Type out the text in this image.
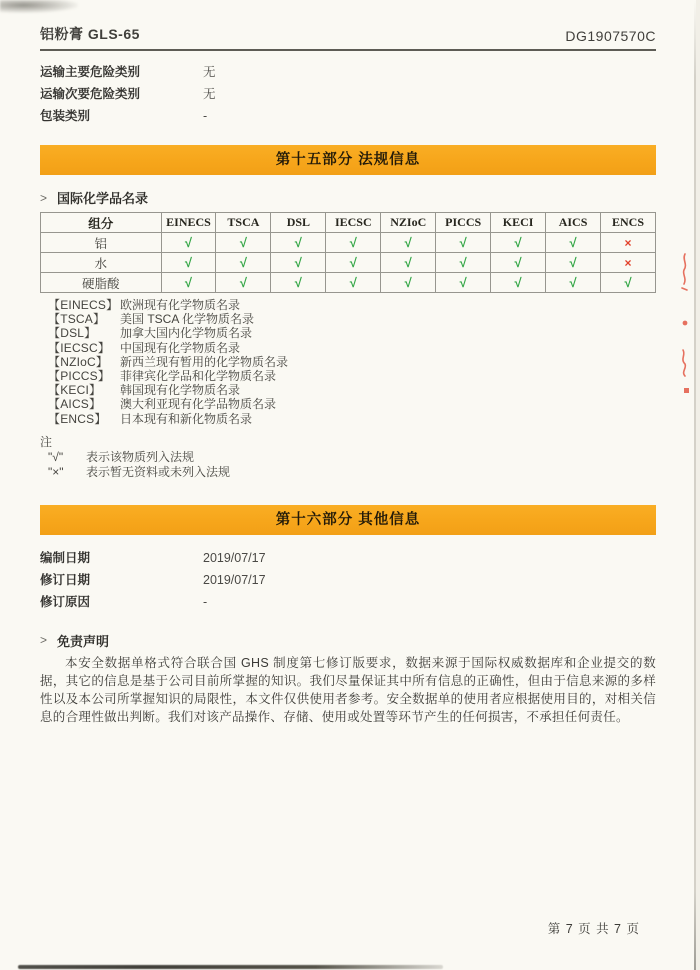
铝粉膏 GLS-65	DG1907570C
运输主要危险类别	无
运输次要危险类别	无
包装类别	-
第十五部分 法规信息
> 国际化学品名录
组分	EINECS	TSCA	DSL	IECSC	NZIoC	PICCS	KECI	AICS	ENCS
铝	√	√	√	√	√	√	√	√	×
水	√	√	√	√	√	√	√	√	×
硬脂酸	√	√	√	√	√	√	√	√	√
【EINECS】 欧洲现有化学物质名录
【TSCA】	美国 TSCA 化学物质名录
【DSL】	加拿大国内化学物质名录
【IECSC】 中国现有化学物质名录
【NZIoC】 新西兰现有暂用的化学物质名录
【PICCS】 菲律宾化学品和化学物质名录
【KECI】	韩国现有化学物质名录
【AICS】	澳大利亚现有化学品物质名录
【ENCS】	日本现有和新化物质名录
注
"√"	表示该物质列入法规
"×"	表示暂无资料或未列入法规
第十六部分 其他信息
编制日期	2019/07/17
修订日期	2019/07/17
修订原因	-
> 免责声明
本安全数据单格式符合联合国 GHS 制度第七修订版要求，数据来源于国际权威数据库和企业提交的数据，其它的信息是基于公司目前所掌握的知识。我们尽量保证其中所有信息的正确性，但由于信息来源的多样性以及本公司所掌握知识的局限性，本文件仅供使用者参考。安全数据单的使用者应根据使用目的，对相关信息的合理性做出判断。我们对该产品操作、存储、使用或处置等环节产生的任何损害，不承担任何责任。
第 7 页 共 7 页
